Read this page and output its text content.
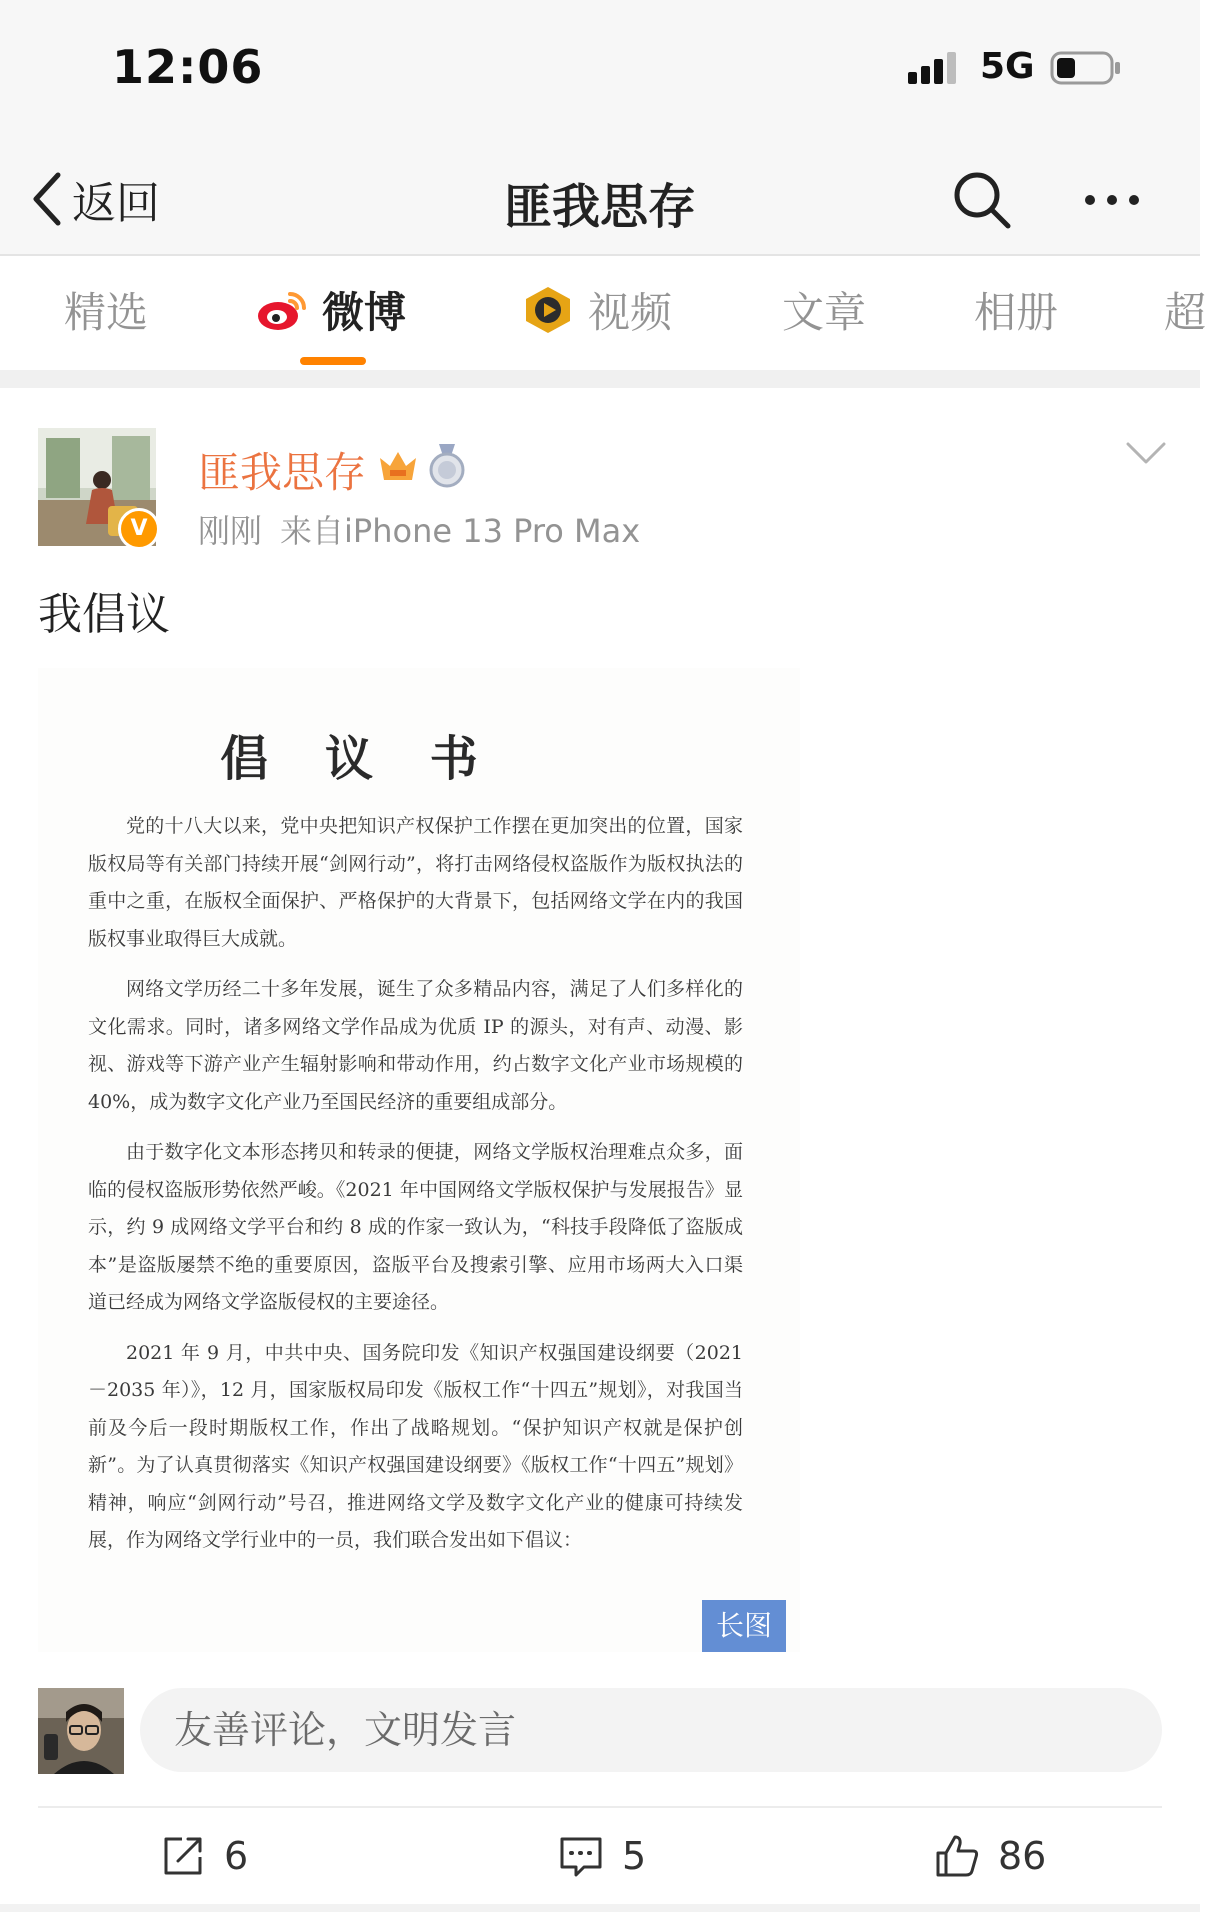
12:06	5G
返回	匪我思存
精选	微博	视频	文章	相册	超
V
匪我思存
刚刚 来自iPhone 13 Pro Max
我倡议
倡 议 书

党的十八大以来，党中央把知识产权保护工作摆在更加突出的位置，国家版权局等有关部门持续开展“剑网行动”，将打击网络侵权盗版作为版权执法的重中之重，在版权全面保护、严格保护的大背景下，包括网络文学在内的我国版权事业取得巨大成就。

网络文学历经二十多年发展，诞生了众多精品内容，满足了人们多样化的文化需求。同时，诸多网络文学作品成为优质 IP 的源头，对有声、动漫、影视、游戏等下游产业产生辐射影响和带动作用，约占数字文化产业市场规模的 40%，成为数字文化产业乃至国民经济的重要组成部分。

由于数字化文本形态拷贝和转录的便捷，网络文学版权治理难点众多，面临的侵权盗版形势依然严峻。《2021 年中国网络文学版权保护与发展报告》显示，约 9 成网络文学平台和约 8 成的作家一致认为，“科技手段降低了盗版成本”是盗版屡禁不绝的重要原因，盗版平台及搜索引擎、应用市场两大入口渠道已经成为网络文学盗版侵权的主要途径。

2021 年 9 月，中共中央、国务院印发《知识产权强国建设纲要（2021－2035 年）》，12 月，国家版权局印发《版权工作“十四五”规划》，对我国当前及今后一段时期版权工作，作出了战略规划。“保护知识产权就是保护创新”。为了认真贯彻落实《知识产权强国建设纲要》《版权工作“十四五”规划》精神，响应“剑网行动”号召，推进网络文学及数字文化产业的健康可持续发展，作为网络文学行业中的一员，我们联合发出如下倡议：

长图
友善评论，文明发言
6	5	86
